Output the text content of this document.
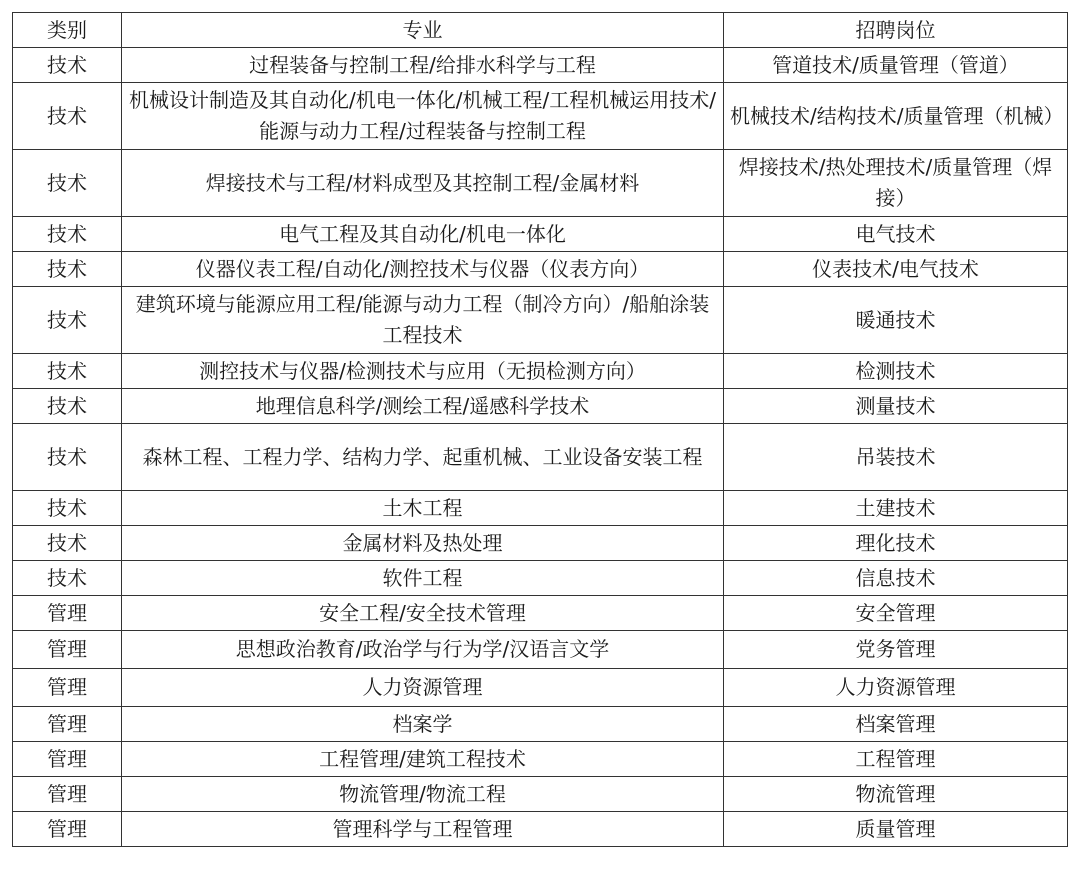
类别	专业	招聘岗位
技术	过程装备与控制工程/给排水科学与工程	管道技术/质量管理（管道）
技术	机械设计制造及其自动化/机电一体化/机械工程/工程机械运用技术/能源与动力工程/过程装备与控制工程	机械技术/结构技术/质量管理（机械）
技术	焊接技术与工程/材料成型及其控制工程/金属材料	焊接技术/热处理技术/质量管理（焊接）
技术	电气工程及其自动化/机电一体化	电气技术
技术	仪器仪表工程/自动化/测控技术与仪器（仪表方向）	仪表技术/电气技术
技术	建筑环境与能源应用工程/能源与动力工程（制冷方向）/船舶涂装工程技术	暖通技术
技术	测控技术与仪器/检测技术与应用（无损检测方向）	检测技术
技术	地理信息科学/测绘工程/遥感科学技术	测量技术
技术	森林工程、工程力学、结构力学、起重机械、工业设备安装工程	吊装技术
技术	土木工程	土建技术
技术	金属材料及热处理	理化技术
技术	软件工程	信息技术
管理	安全工程/安全技术管理	安全管理
管理	思想政治教育/政治学与行为学/汉语言文学	党务管理
管理	人力资源管理	人力资源管理
管理	档案学	档案管理
管理	工程管理/建筑工程技术	工程管理
管理	物流管理/物流工程	物流管理
管理	管理科学与工程管理	质量管理
